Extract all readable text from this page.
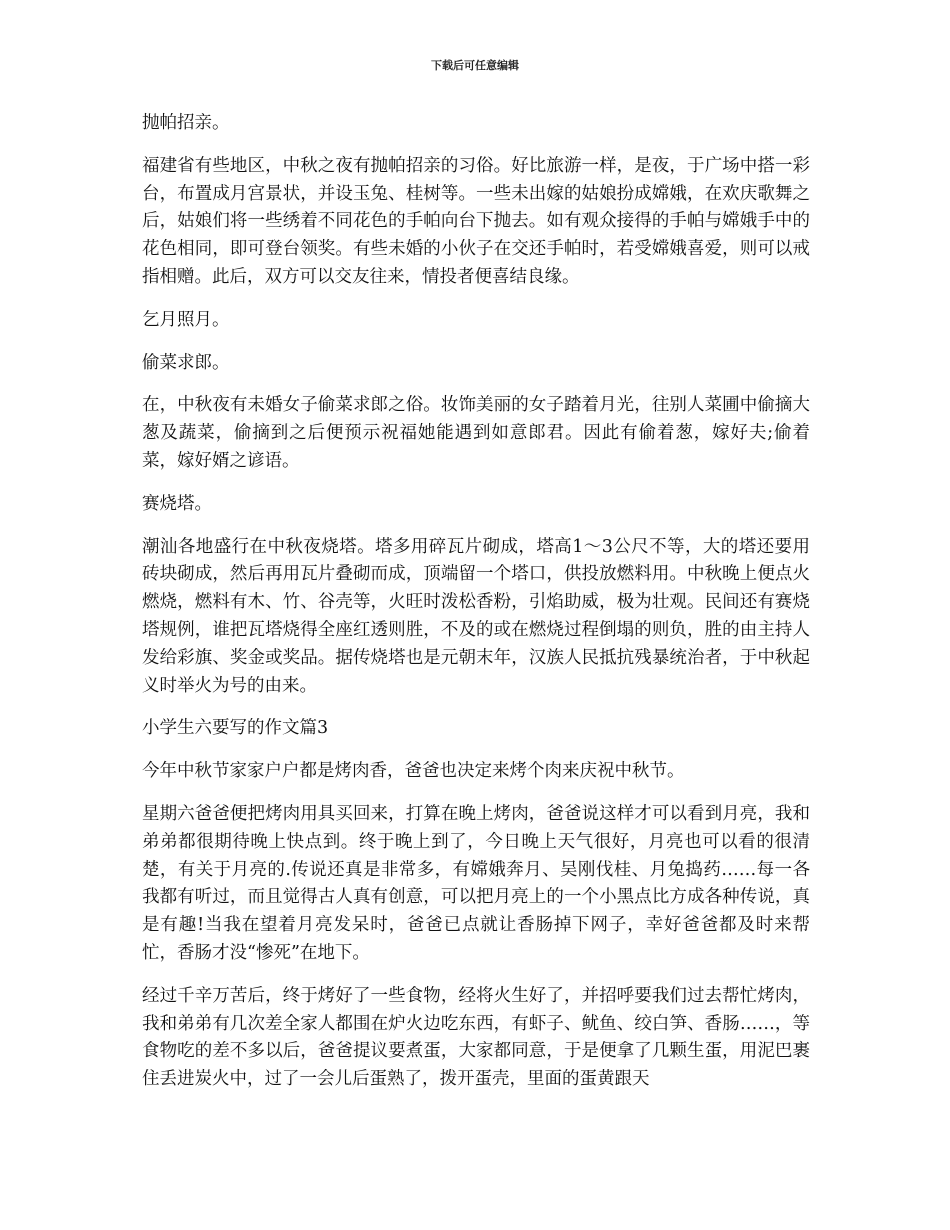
下载后可任意编辑

抛帕招亲。

福建省有些地区，中秋之夜有抛帕招亲的习俗。好比旅游一样，是夜，于广场中搭一彩台，布置成月宫景状，并设玉兔、桂树等。一些未出嫁的姑娘扮成嫦娥，在欢庆歌舞之后，姑娘们将一些绣着不同花色的手帕向台下抛去。如有观众接得的手帕与嫦娥手中的花色相同，即可登台领奖。有些未婚的小伙子在交还手帕时，若受嫦娥喜爱，则可以戒指相赠。此后，双方可以交友往来，情投者便喜结良缘。

乞月照月。

偷菜求郎。

在，中秋夜有未婚女子偷菜求郎之俗。妆饰美丽的女子踏着月光，往别人菜圃中偷摘大葱及蔬菜，偷摘到之后便预示祝福她能遇到如意郎君。因此有偷着葱，嫁好夫;偷着菜，嫁好婿之谚语。

赛烧塔。

潮汕各地盛行在中秋夜烧塔。塔多用碎瓦片砌成，塔高1～3公尺不等，大的塔还要用砖块砌成，然后再用瓦片叠砌而成，顶端留一个塔口，供投放燃料用。中秋晚上便点火燃烧，燃料有木、竹、谷壳等，火旺时泼松香粉，引焰助威，极为壮观。民间还有赛烧塔规例，谁把瓦塔烧得全座红透则胜，不及的或在燃烧过程倒塌的则负，胜的由主持人发给彩旗、奖金或奖品。据传烧塔也是元朝末年，汉族人民抵抗残暴统治者，于中秋起义时举火为号的由来。

小学生六要写的作文篇3

今年中秋节家家户户都是烤肉香，爸爸也决定来烤个肉来庆祝中秋节。

星期六爸爸便把烤肉用具买回来，打算在晚上烤肉，爸爸说这样才可以看到月亮，我和弟弟都很期待晚上快点到。终于晚上到了，今日晚上天气很好，月亮也可以看的很清楚，有关于月亮的.传说还真是非常多，有嫦娥奔月、吴刚伐桂、月兔捣药……每一各我都有听过，而且觉得古人真有创意，可以把月亮上的一个小黑点比方成各种传说，真是有趣!当我在望着月亮发呆时，爸爸已点就让香肠掉下网子，幸好爸爸都及时来帮忙，香肠才没“惨死”在地下。

经过千辛万苦后，终于烤好了一些食物，经将火生好了，并招呼要我们过去帮忙烤肉，我和弟弟有几次差全家人都围在炉火边吃东西，有虾子、鱿鱼、绞白笋、香肠……，等食物吃的差不多以后，爸爸提议要煮蛋，大家都同意，于是便拿了几颗生蛋，用泥巴裹住丢进炭火中，过了一会儿后蛋熟了，拨开蛋壳，里面的蛋黄跟天
